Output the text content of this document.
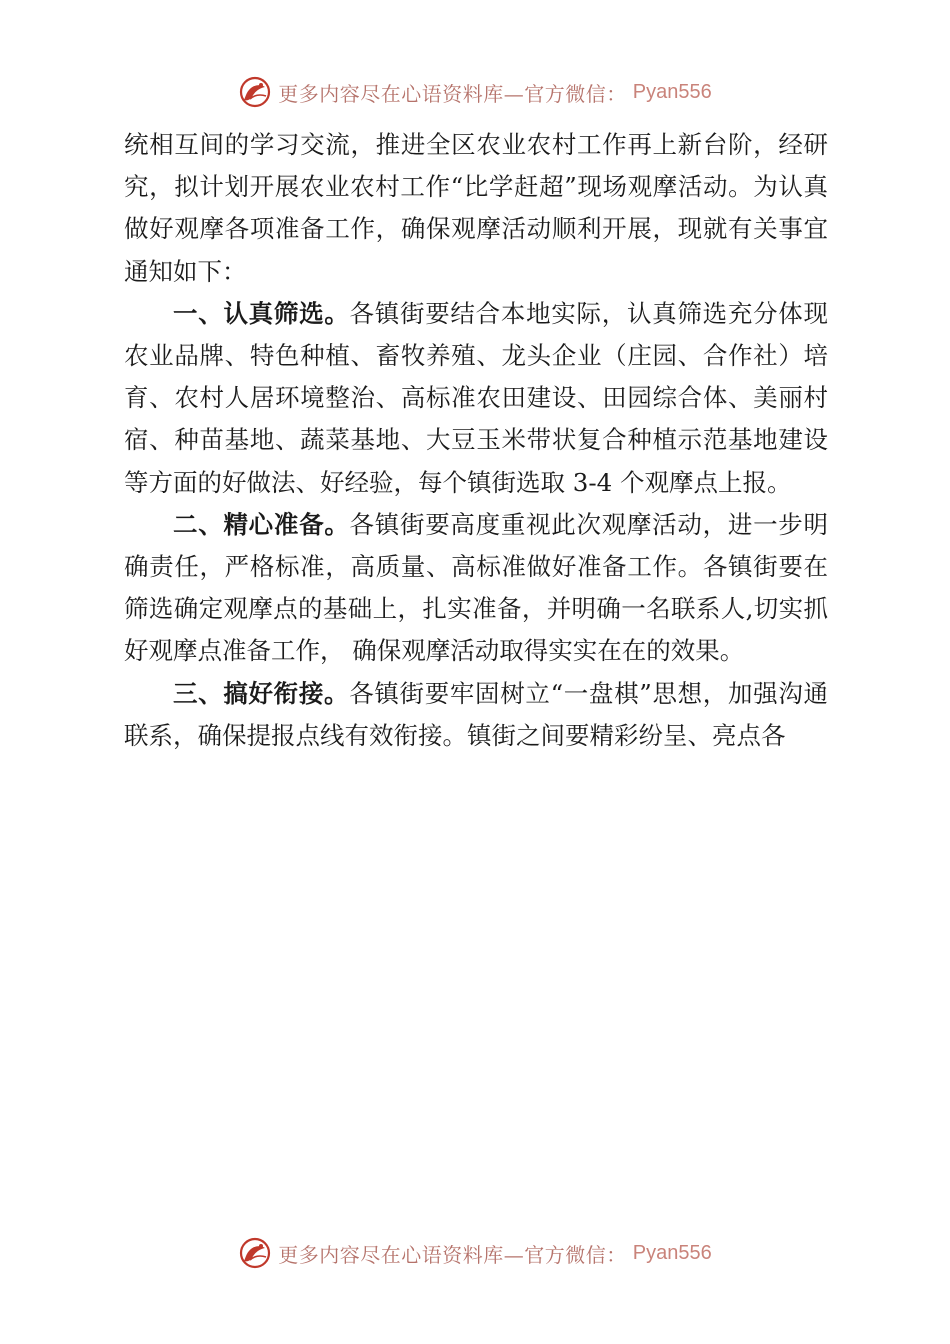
更多内容尽在心语资料库—官方微信： Pyan556

统相互间的学习交流，推进全区农业农村工作再上新台阶，经研究，拟计划开展农业农村工作“比学赶超”现场观摩活动。为认真做好观摩各项准备工作，确保观摩活动顺利开展，现就有关事宜通知如下：

一、认真筛选。各镇街要结合本地实际，认真筛选充分体现农业品牌、特色种植、畜牧养殖、龙头企业（庄园、合作社）培育、农村人居环境整治、高标准农田建设、田园综合体、美丽村宿、种苗基地、蔬菜基地、大豆玉米带状复合种植示范基地建设等方面的好做法、好经验，每个镇街选取 3-4 个观摩点上报。

二、精心准备。各镇街要高度重视此次观摩活动，进一步明确责任，严格标准，高质量、高标准做好准备工作。各镇街要在筛选确定观摩点的基础上，扎实准备，并明确一名联系人,切实抓好观摩点准备工作， 确保观摩活动取得实实在在的效果。

三、搞好衔接。各镇街要牢固树立“一盘棋”思想，加强沟通联系，确保提报点线有效衔接。镇街之间要精彩纷呈、亮点各

更多内容尽在心语资料库—官方微信： Pyan556
